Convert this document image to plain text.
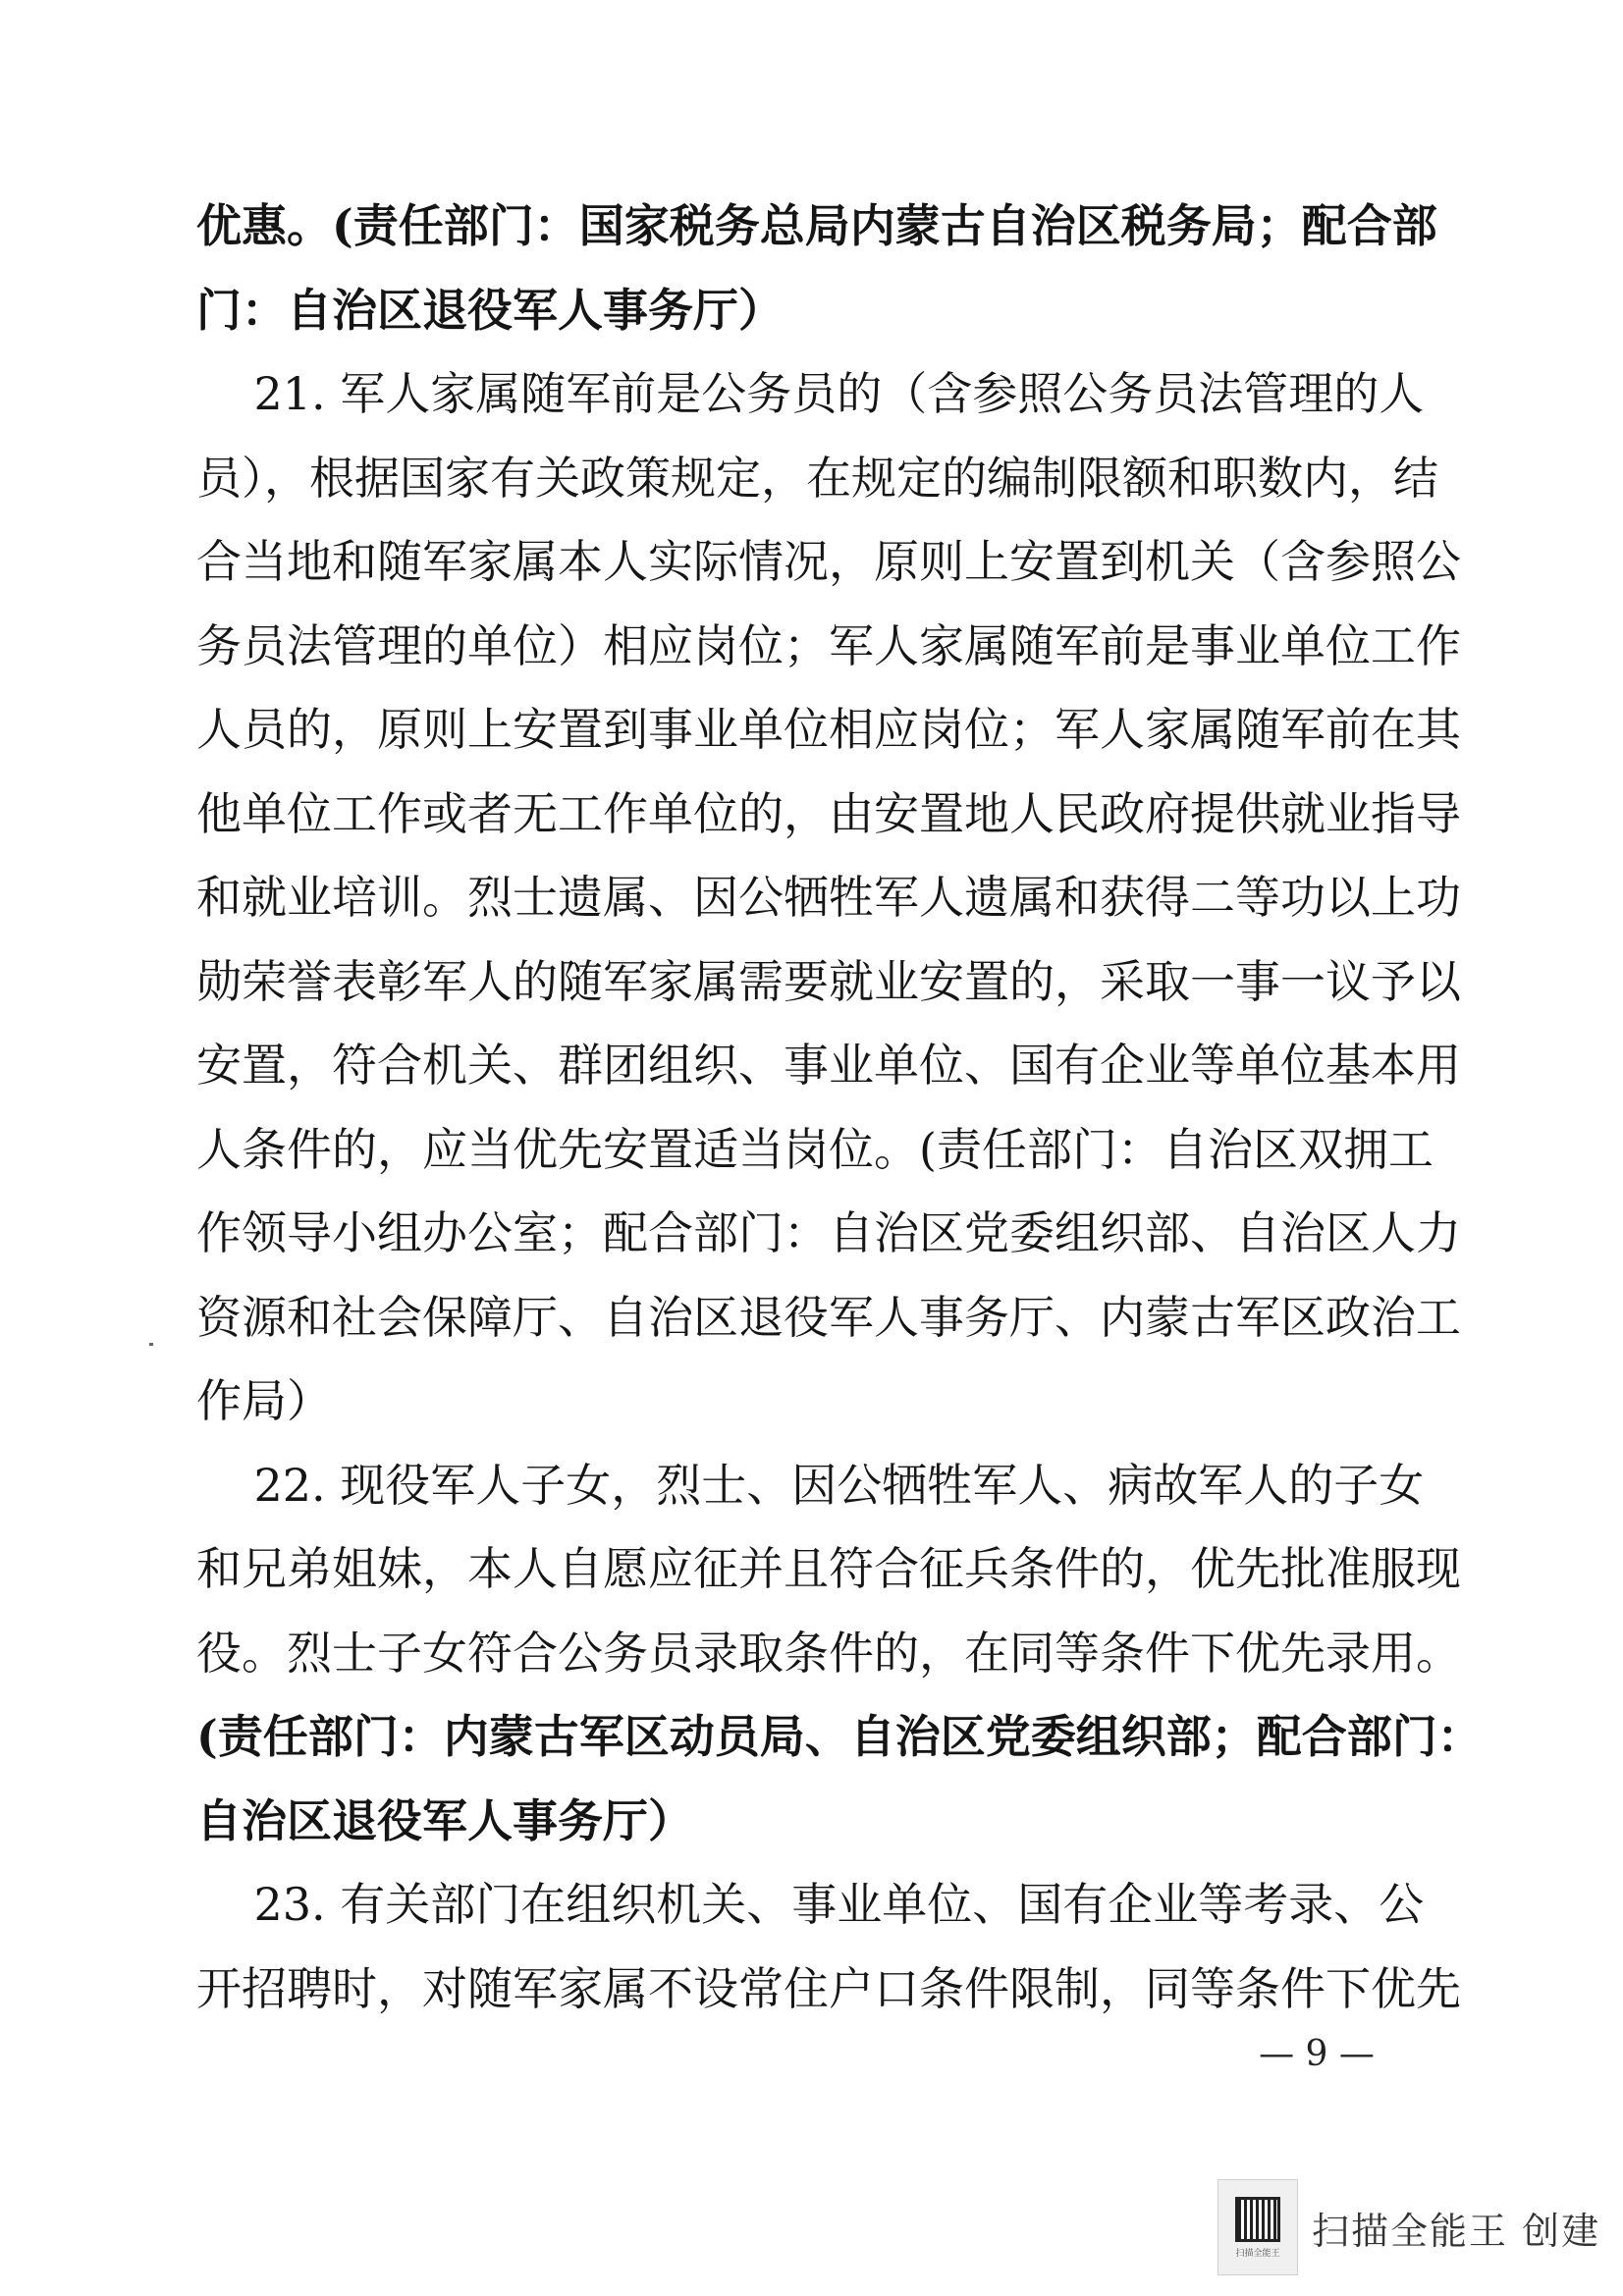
优惠。(责任部门：国家税务总局内蒙古自治区税务局；配合部
门：自治区退役军人事务厅）
21. 军人家属随军前是公务员的（含参照公务员法管理的人
员），根据国家有关政策规定，在规定的编制限额和职数内，结
合当地和随军家属本人实际情况，原则上安置到机关（含参照公
务员法管理的单位）相应岗位；军人家属随军前是事业单位工作
人员的，原则上安置到事业单位相应岗位；军人家属随军前在其
他单位工作或者无工作单位的，由安置地人民政府提供就业指导
和就业培训。烈士遗属、因公牺牲军人遗属和获得二等功以上功
勋荣誉表彰军人的随军家属需要就业安置的，采取一事一议予以
安置，符合机关、群团组织、事业单位、国有企业等单位基本用
人条件的，应当优先安置适当岗位。(责任部门：自治区双拥工
作领导小组办公室；配合部门：自治区党委组织部、自治区人力
资源和社会保障厅、自治区退役军人事务厅、内蒙古军区政治工
作局）
22. 现役军人子女，烈士、因公牺牲军人、病故军人的子女
和兄弟姐妹，本人自愿应征并且符合征兵条件的，优先批准服现
役。烈士子女符合公务员录取条件的，在同等条件下优先录用。
(责任部门：内蒙古军区动员局、自治区党委组织部；配合部门：
自治区退役军人事务厅）
23. 有关部门在组织机关、事业单位、国有企业等考录、公
开招聘时，对随军家属不设常住户口条件限制，同等条件下优先
— 9 —
扫描全能王
扫描全能王 创建
